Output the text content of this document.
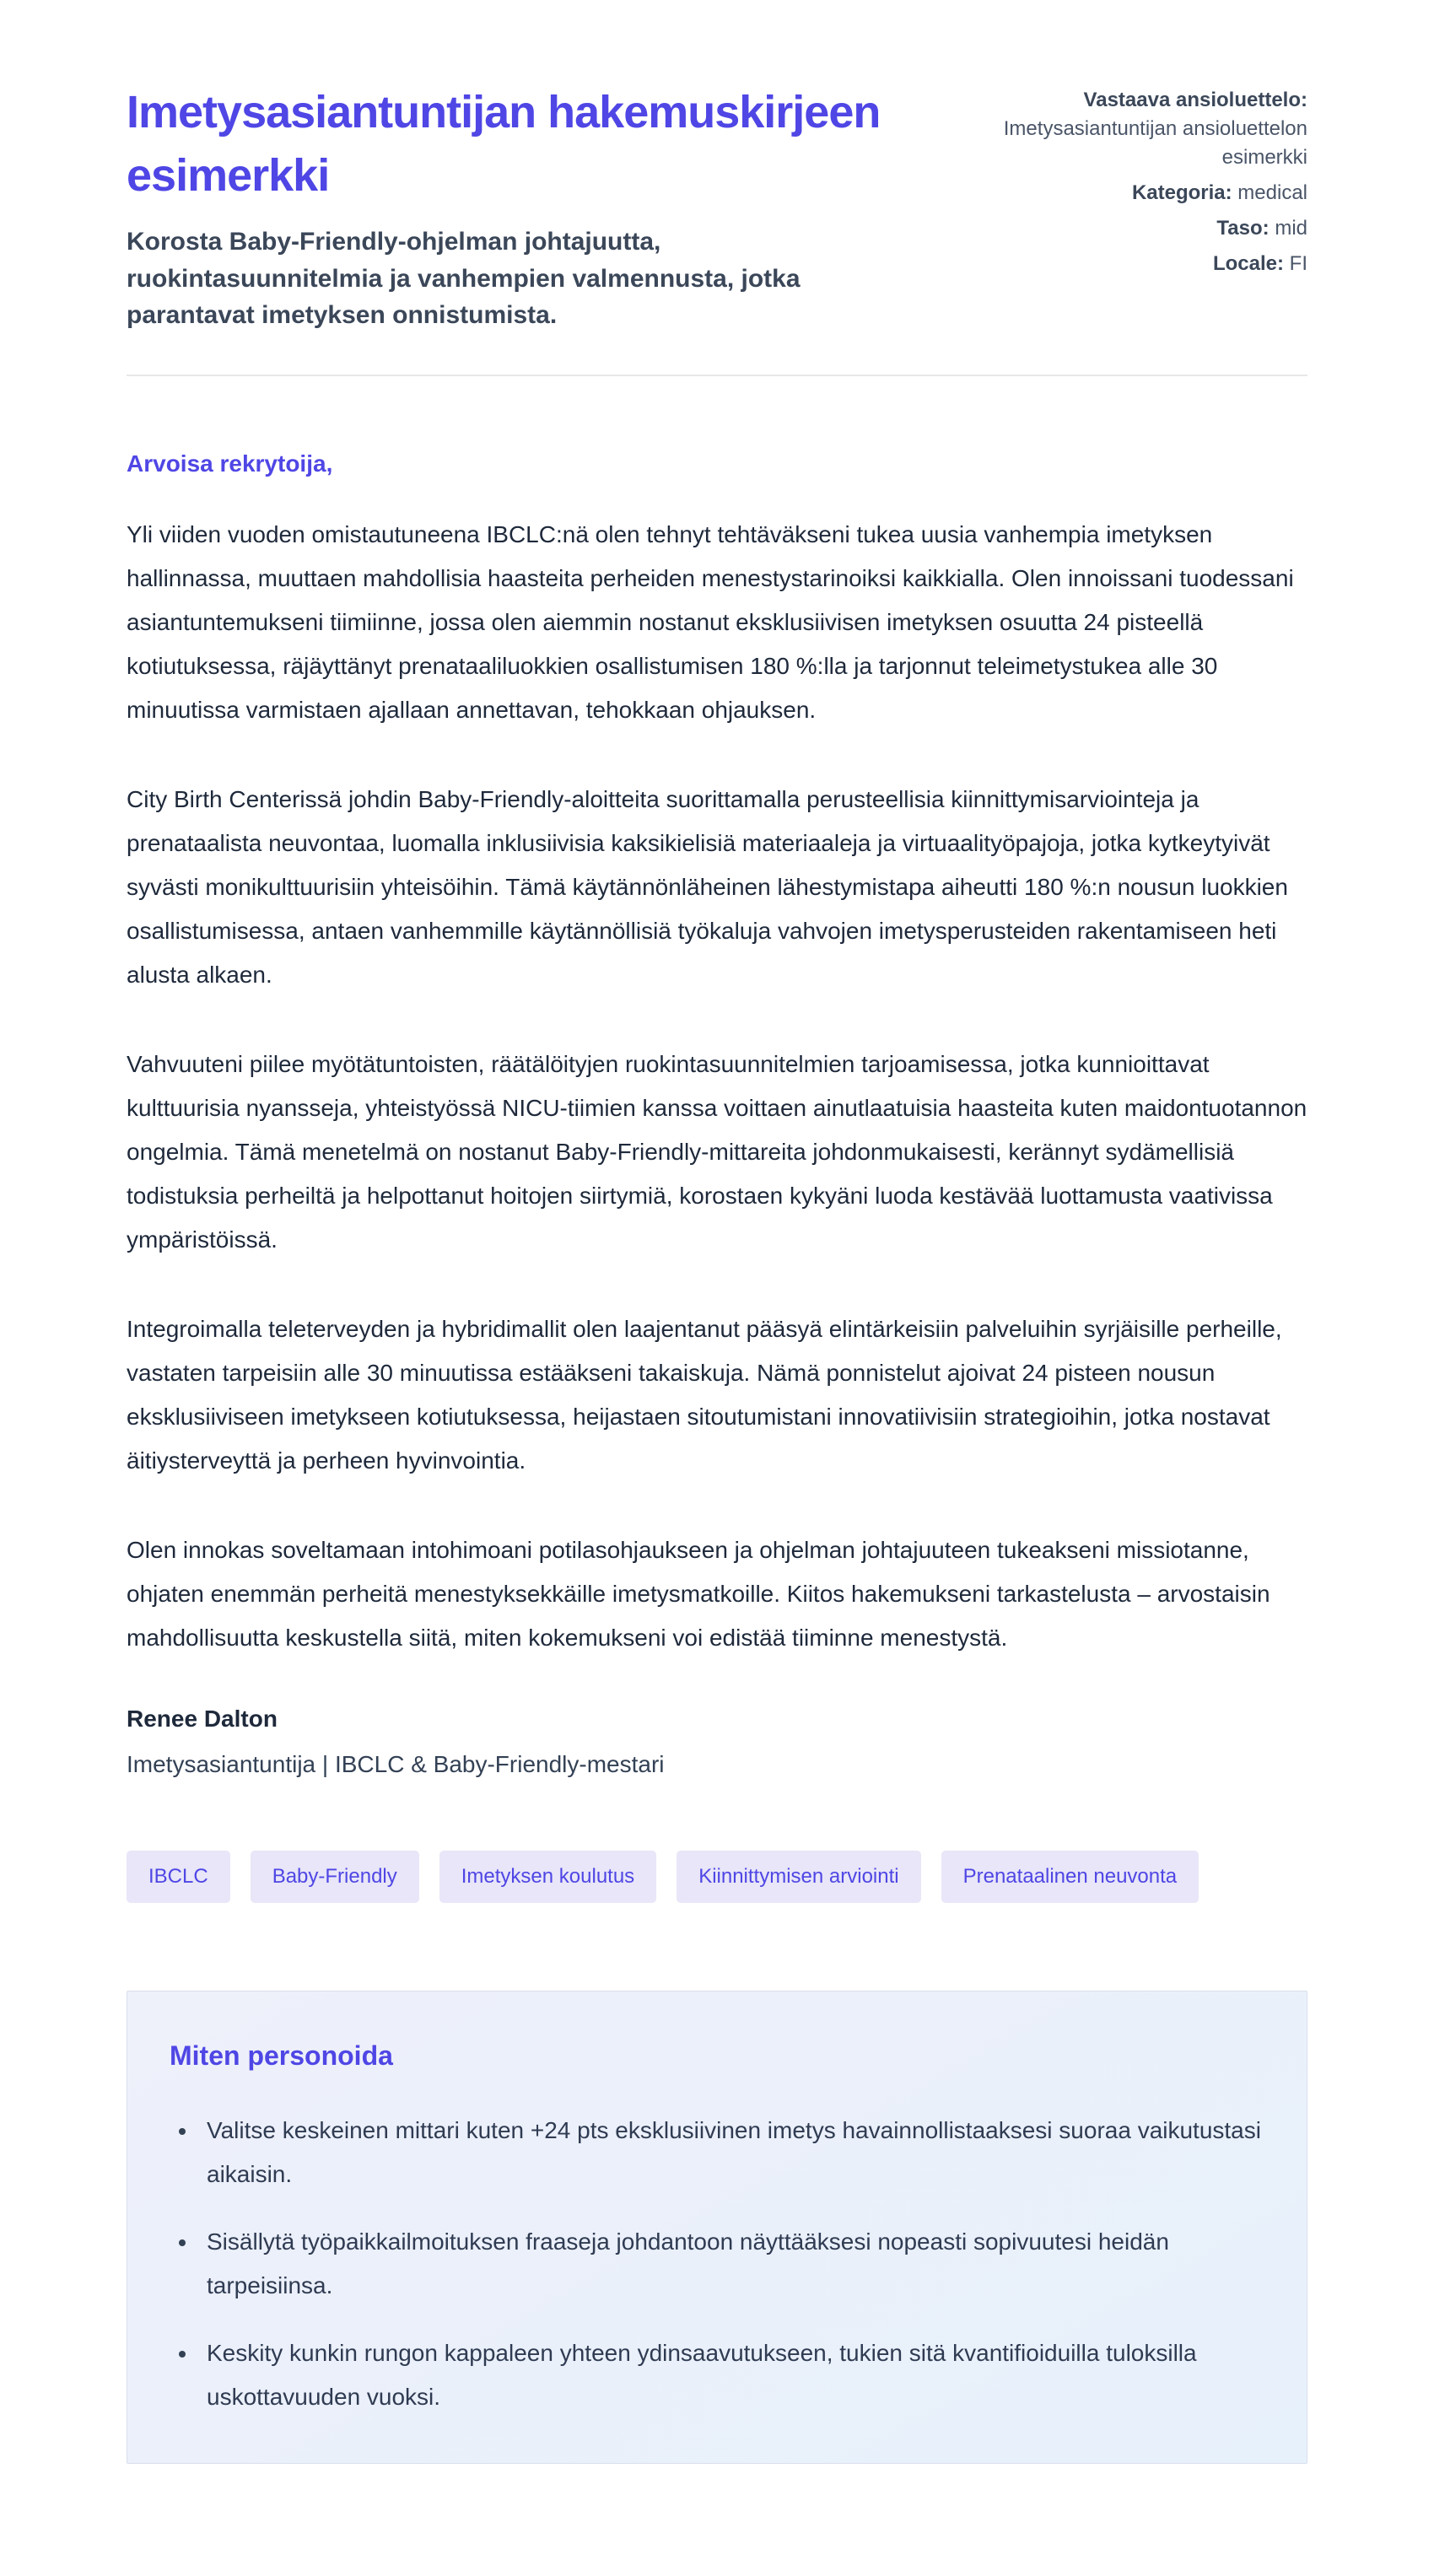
Imetysasiantuntijan hakemuskirjeen esimerkki
Korosta Baby-Friendly-ohjelman johtajuutta, ruokintasuunnitelmia ja vanhempien valmennusta, jotka parantavat imetyksen onnistumista.
Vastaava ansioluettelo: Imetysasiantuntijan ansioluettelon esimerkki
Kategoria: medical
Taso: mid
Locale: FI
Arvoisa rekrytoija,

Yli viiden vuoden omistautuneena IBCLC:nä olen tehnyt tehtäväkseni tukea uusia vanhempia imetyksen hallinnassa, muuttaen mahdollisia haasteita perheiden menestystarinoiksi kaikkialla. Olen innoissani tuodessani asiantuntemukseni tiimiinne, jossa olen aiemmin nostanut eksklusiivisen imetyksen osuutta 24 pisteellä kotiutuksessa, räjäyttänyt prenataaliluokkien osallistumisen 180 %:lla ja tarjonnut teleimetystukea alle 30 minuutissa varmistaen ajallaan annettavan, tehokkaan ohjauksen.

City Birth Centerissä johdin Baby-Friendly-aloitteita suorittamalla perusteellisia kiinnittymisarviointeja ja prenataalista neuvontaa, luomalla inklusiivisia kaksikielisiä materiaaleja ja virtuaalityöpajoja, jotka kytkeytyivät syvästi monikulttuurisiin yhteisöihin. Tämä käytännönläheinen lähestymistapa aiheutti 180 %:n nousun luokkien osallistumisessa, antaen vanhemmille käytännöllisiä työkaluja vahvojen imetysperusteiden rakentamiseen heti alusta alkaen.

Vahvuuteni piilee myötätuntoisten, räätälöityjen ruokintasuunnitelmien tarjoamisessa, jotka kunnioittavat kulttuurisia nyansseja, yhteistyössä NICU-tiimien kanssa voittaen ainutlaatuisia haasteita kuten maidontuotannon ongelmia. Tämä menetelmä on nostanut Baby-Friendly-mittareita johdonmukaisesti, kerännyt sydämellisiä todistuksia perheiltä ja helpottanut hoitojen siirtymiä, korostaen kykyäni luoda kestävää luottamusta vaativissa ympäristöissä.

Integroimalla teleterveyden ja hybridimallit olen laajentanut pääsyä elintärkeisiin palveluihin syrjäisille perheille, vastaten tarpeisiin alle 30 minuutissa estääkseni takaiskuja. Nämä ponnistelut ajoivat 24 pisteen nousun eksklusiiviseen imetykseen kotiutuksessa, heijastaen sitoutumistani innovatiivisiin strategioihin, jotka nostavat äitiysterveyttä ja perheen hyvinvointia.

Olen innokas soveltamaan intohimoani potilasohjaukseen ja ohjelman johtajuuteen tukeakseni missiotanne, ohjaten enemmän perheitä menestyksekkäille imetysmatkoille. Kiitos hakemukseni tarkastelusta – arvostaisin mahdollisuutta keskustella siitä, miten kokemukseni voi edistää tiiminne menestystä.

Renee Dalton
Imetysasiantuntija | IBCLC & Baby-Friendly-mestari
IBCLC	Baby-Friendly	Imetyksen koulutus	Kiinnittymisen arviointi	Prenataalinen neuvonta
Miten personoida
• Valitse keskeinen mittari kuten +24 pts eksklusiivinen imetys havainnollistaaksesi suoraa vaikutustasi aikaisin.
• Sisällytä työpaikkailmoituksen fraaseja johdantoon näyttääksesi nopeasti sopivuutesi heidän tarpeisiinsa.
• Keskity kunkin rungon kappaleen yhteen ydinsaavutukseen, tukien sitä kvantifioiduilla tuloksilla uskottavuuden vuoksi.
